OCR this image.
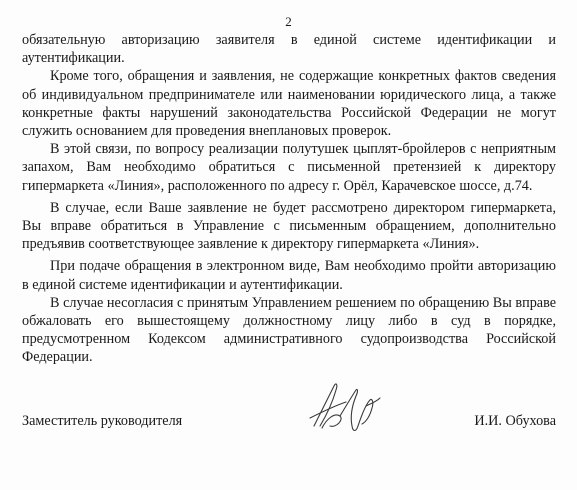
2

обязательную авторизацию заявителя в единой системе идентификации и аутентификации.

Кроме того, обращения и заявления, не содержащие конкретных фактов сведения об индивидуальном предпринимателе или наименовании юридического лица, а также конкретные факты нарушений законодательства Российской Федерации не могут служить основанием для проведения внеплановых проверок.

В этой связи, по вопросу реализации полутушек цыплят-бройлеров с неприятным запахом, Вам необходимо обратиться с письменной претензией к директору гипермаркета «Линия», расположенного по адресу г. Орёл, Карачевское шоссе, д.74.

В случае, если Ваше заявление не будет рассмотрено директором гипермаркета, Вы вправе обратиться в Управление с письменным обращением, дополнительно предъявив соответствующее заявление к директору гипермаркета «Линия».

При подаче обращения в электронном виде, Вам необходимо пройти авторизацию в единой системе идентификации и аутентификации.

В случае несогласия с принятым Управлением решением по обращению Вы вправе обжаловать его вышестоящему должностному лицу либо в суд в порядке, предусмотренном Кодексом административного судопроизводства Российской Федерации.

Заместитель руководителя	И.И. Обухова
